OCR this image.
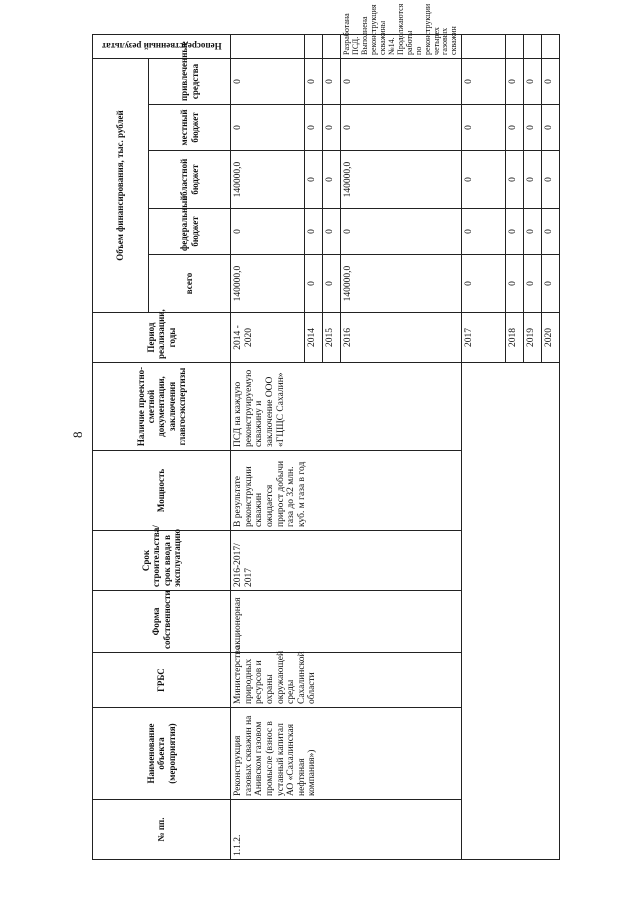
8
№ пп.	Наименование объекта (мероприятия)	ГРБС	Форма собственности	Срок строительства/срок ввода в эксплуатацию	Мощность	Наличие проектно-сметной документации, заключения главгосэкспертизы	Период реализации, годы	Объем финансирования, тыс. рублей					Непосредственный результат

								всего	федеральный бюджет	областной бюджет	местный бюджет	привлеченные средства	
1.1.2.	Реконструкция газовых скважин на Анивском газовом промысле (взнос в уставный капитал АО «Сахалинская нефтяная компания»)	Министерство природных ресурсов и охраны окружающей среды Сахалинской области	акционерная	2016-2017/ 2017	В результате реконструкции скважин ожидается прирост добычи газа до 32 млн. куб. м газа в год	ПСД на каждую реконструируемую скважину и заключение ООО «ГЦЩС Сахалин»	2014 - 2020	140000,0	0	140000,0	0	0	
							2014	0	0	0	0	0	
							2015	0	0	0	0	0	
							2016	140000,0	0	140000,0	0	0	Разработана ПСД. Выполнена реконструкция скважины №14. Продолжаются работы по реконструкции четырех газовых скважин
							2017	0	0	0	0	0	
							2018	0	0	0	0	0	
							2019	0	0	0	0	0	
							2020	0	0	0	0	0	
